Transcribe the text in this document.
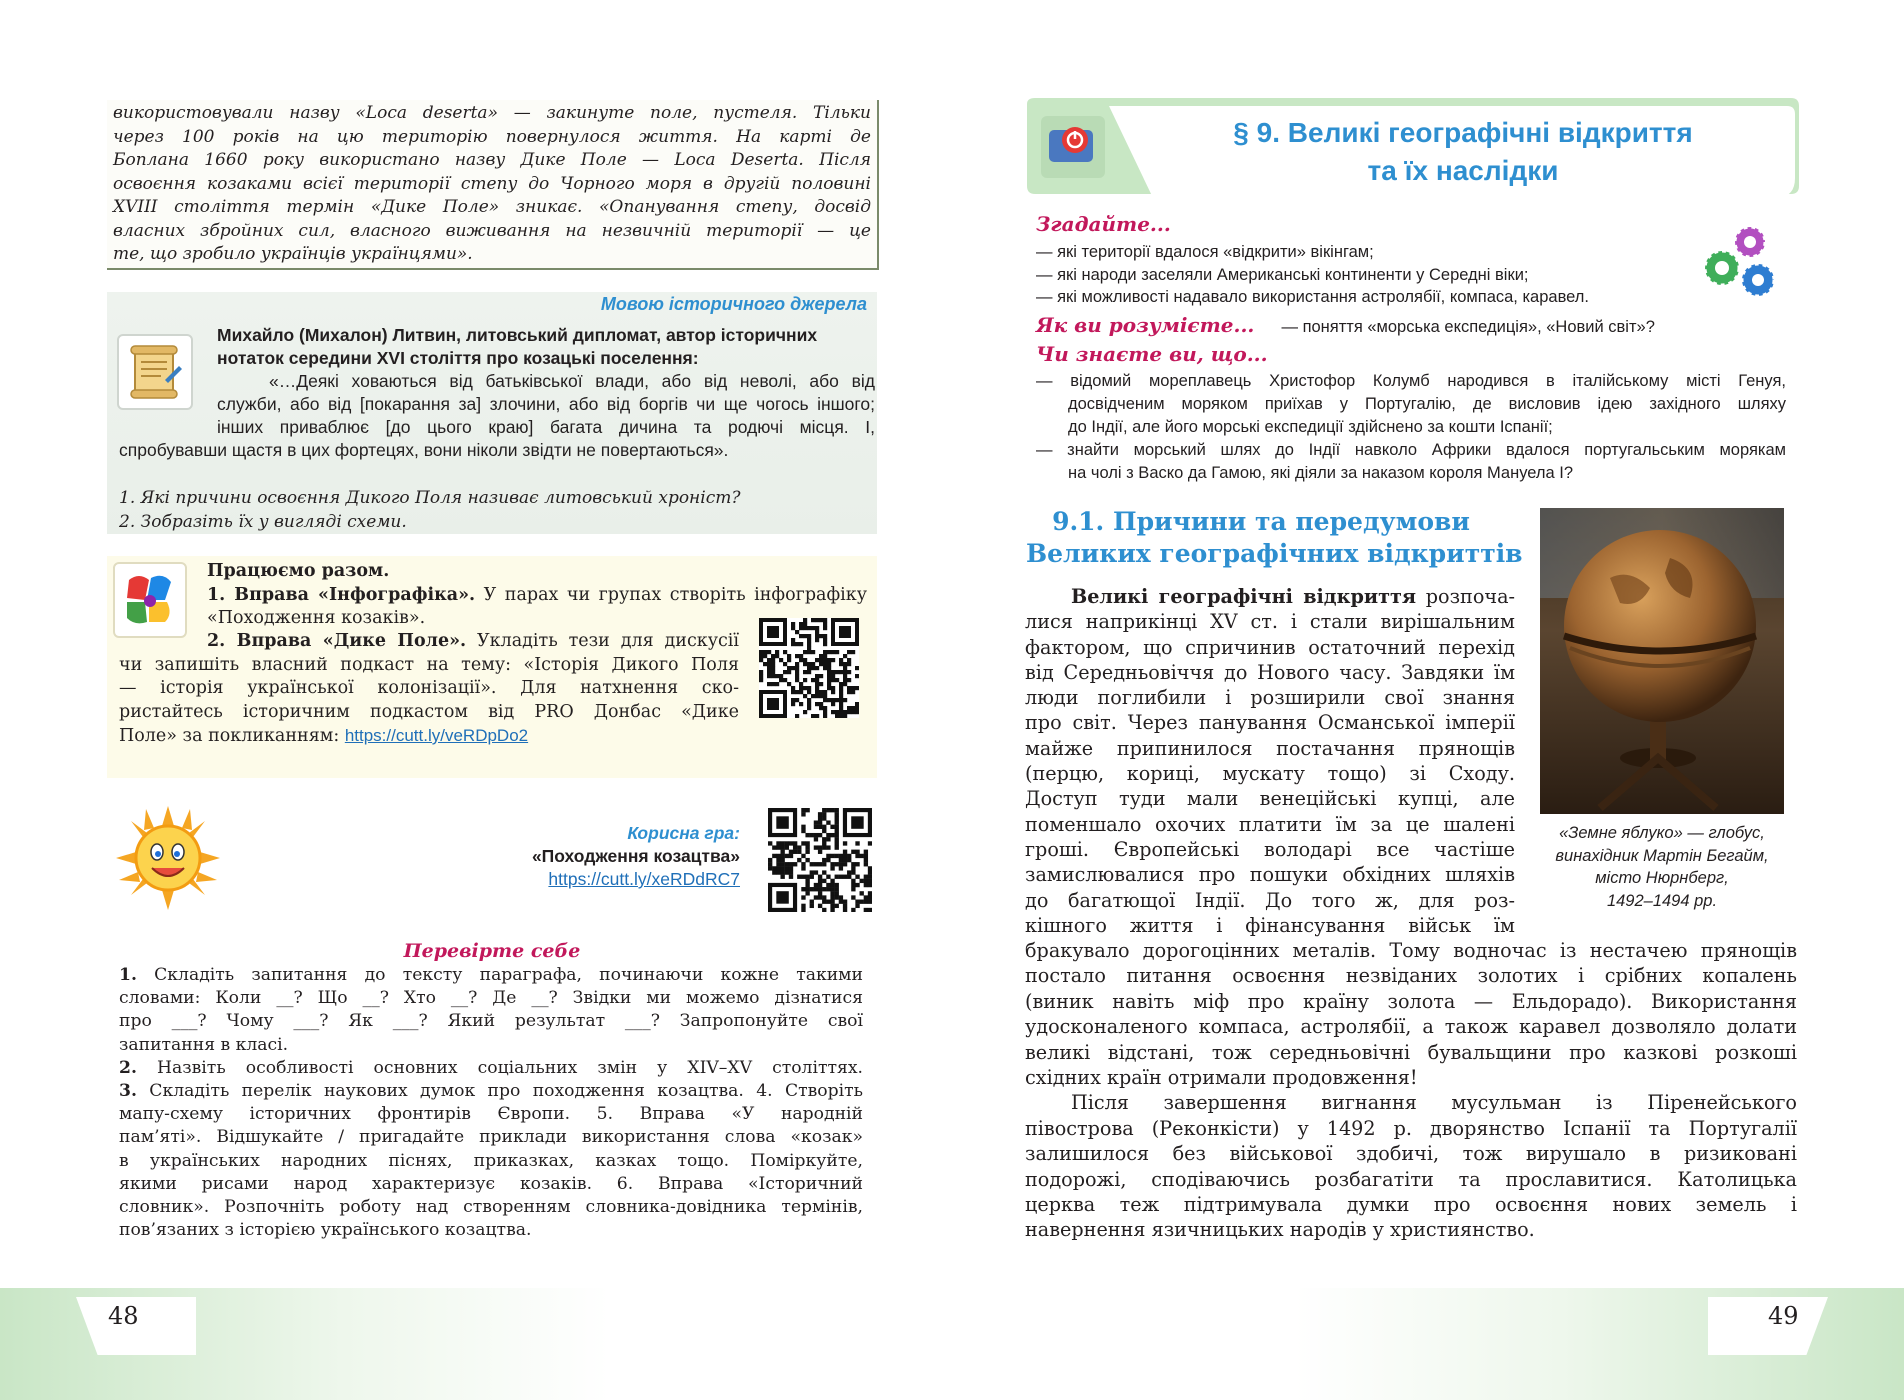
використовували назву «Loca deserta» — закинуте поле, пустеля. Тільки

через 100 років на цю територію повернулося життя. На карті де

Боплана 1660 року використано назву Дике Поле — Loca Deserta. Після

освоєння козаками всієї території степу до Чорного моря в другій половині

XVIII століття термін «Дике Поле» зникає. «Опанування степу, досвід

власних збройних сил, власного виживання на незвичній території — це

те, що зробило українців українцями».

Мовою історичного джерела

Михайло (Михалон) Литвин, литовський дипломат, автор історичних

нотаток середини XVI століття про козацькі поселення:

«…Деякі ховаються від батьківської влади, або від неволі, або від

служби, або від [покарання за] злочини, або від боргів чи ще чогось іншого;

інших приваблює [до цього краю] багата дичина та родючі місця. І,

спробувавши щастя в цих фортецях, вони ніколи звідти не повертаються».

1. Які причини освоєння Дикого Поля називає литовський хроніст?

2. Зобразіть їх у вигляді схеми.

Працюємо разом.

1. Вправа «Інфографіка». У парах чи групах створіть інфографіку

«Походження козаків».

2. Вправа «Дике Поле». Укладіть тези для дискусії

чи запишіть власний подкаст на тему: «Історія Дикого Поля

— історія української колонізації». Для натхнення ско-

ристайтесь історичним подкастом від PRO Донбас «Дике

Поле» за покликанням: https://cutt.ly/veRDpDo2

Корисна гра:

«Походження козацтва»

https://cutt.ly/xeRDdRC7

Перевірте себе

1. Складіть запитання до тексту параграфа, починаючи кожне такими

словами: Коли __? Що __? Хто __? Де __? Звідки ми можемо дізнатися

про ___? Чому ___? Як ___? Який результат ___? Запропонуйте свої

запитання в класі.

2. Назвіть особливості основних соціальних змін у XIV–XV століттях.

3. Складіть перелік наукових думок про походження козацтва. 4. Створіть

мапу-схему історичних фронтирів Європи. 5. Вправа «У народній

пам’яті». Відшукайте / пригадайте приклади використання слова «козак»

в українських народних піснях, приказках, казках тощо. Поміркуйте,

якими рисами народ характеризує козаків. 6. Вправа «Історичний

словник». Розпочніть роботу над створенням словника-довідника термінів,

пов’язаних з історією українського козацтва.

§ 9. Великі географічні відкриття

та їх наслідки

Згадайте...

— які території вдалося «відкрити» вікінгам;

— які народи заселяли Американські континенти у Середні віки;

— які можливості надавало використання астролябії, компаса, каравел.

Як ви розумієте... — поняття «морська експедиція», «Новий світ»?
Чи знаєте ви, що...

— відомий мореплавець Христофор Колумб народився в італійському місті Генуя,

досвідченим моряком приїхав у Португалію, де висловив ідею західного шляху

до Індії, але його морські експедиції здійснено за кошти Іспанії;

— знайти морський шлях до Індії навколо Африки вдалося португальським морякам

на чолі з Васко да Гамою, які діяли за наказом короля Мануела І?

9.1. Причини та передумови

Великих географічних відкриттів

«Земне яблуко» — глобус,

винахідник Мартін Бегайм,

місто Нюрнберг,

1492–1494 рр.

Великі географічні відкриття розпоча-

лися наприкінці XV ст. і стали вирішальним

фактором, що спричинив остаточний перехід

від Середньовіччя до Нового часу. Завдяки їм

люди поглибили і розширили свої знання

про світ. Через панування Османської імперії

майже припинилося постачання прянощів

(перцю, кориці, мускату тощо) зі Сходу.

Доступ туди мали венеційські купці, але

поменшало охочих платити їм за це шалені

гроші. Європейські володарі все частіше

замислювалися про пошуки обхідних шляхів

до багатющої Індії. До того ж, для роз-

кішного життя і фінансування військ їм

бракувало дорогоцінних металів. Тому водночас із нестачею прянощів

постало питання освоєння незвіданих золотих і срібних копалень

(виник навіть міф про країну золота — Ельдорадо). Використання

удосконаленого компаса, астролябії, а також каравел дозволяло долати

великі відстані, тож середньовічні бувальщини про казкові розкоші

східних країн отримали продовження!

Після завершення вигнання мусульман із Піренейського

півострова (Реконкісти) у 1492 р. дворянство Іспанії та Португалії

залишилося без військової здобичі, тож вирушало в ризиковані

подорожі, сподіваючись розбагатіти та прославитися. Католицька

церква теж підтримувала думки про освоєння нових земель і

навернення язичницьких народів у християнство.

48	49
